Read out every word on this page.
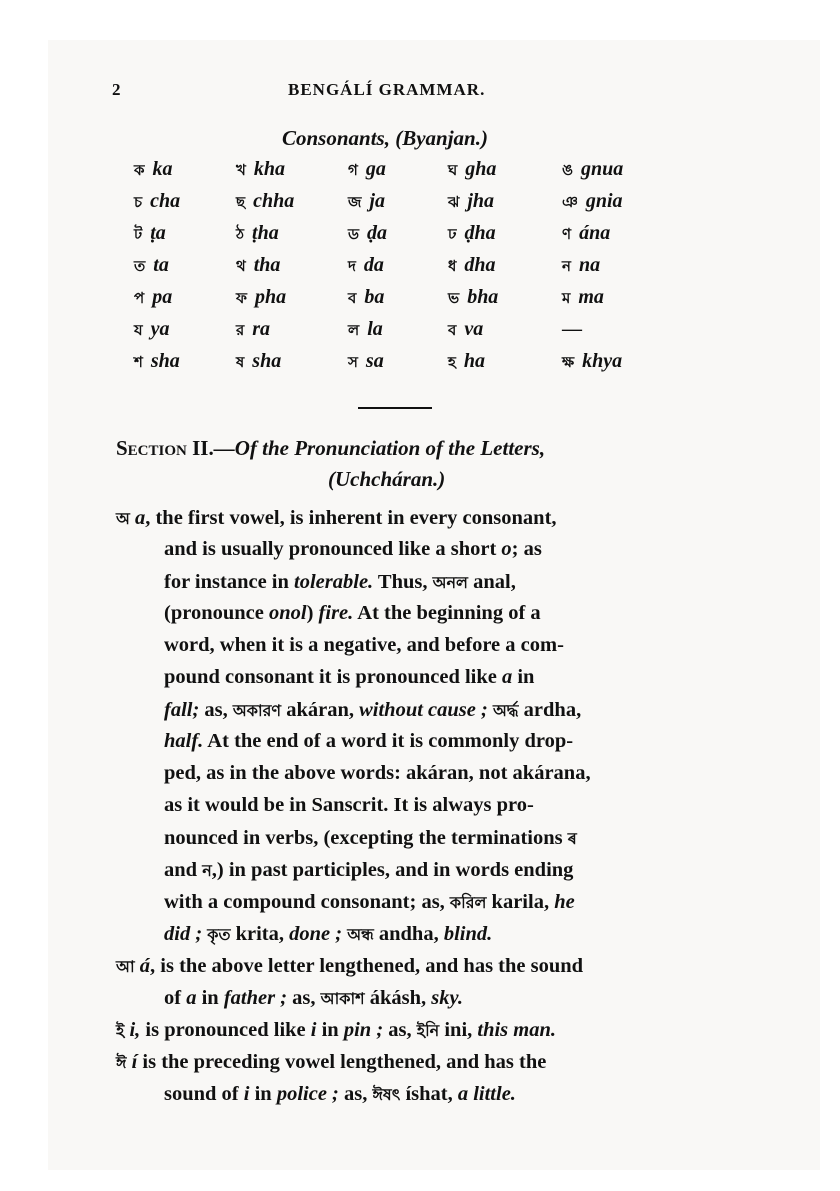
2	BENGÁLÍ GRAMMAR.
Consonants, (Byanjan.)
ক ka	খ kha	গ ga	ঘ gha	ঙ gnua
চ cha	ছ chha	জ ja	ঝ jha	ঞ gnia
ট ṭa	ঠ ṭha	ড ḍa	ঢ ḍha	ণ ána
ত ta	থ tha	দ da	ধ dha	ন na
প pa	ফ pha	ব ba	ভ bha	ম ma
য ya	র ra	ল la	ব va	—
শ sha	ষ sha	স sa	হ ha	ক্ষ khya
Section II.—Of the Pronunciation of the Letters,
(Uchcháran.)
অ a, the first vowel, is inherent in every consonant,
and is usually pronounced like a short o; as
for instance in tolerable. Thus, অনল anal,
(pronounce onol) fire. At the beginning of a
word, when it is a negative, and before a com-
pound consonant it is pronounced like a in
fall; as, অকারণ akáran, without cause ; অৰ্দ্ধ ardha,
half. At the end of a word it is commonly drop-
ped, as in the above words: akáran, not akárana,
as it would be in Sanscrit. It is always pro-
nounced in verbs, (excepting the terminations ৰ
and ন,) in past participles, and in words ending
with a compound consonant; as, করিল karila, he
did ; কৃত krita, done ; অন্ধ andha, blind.
আ á, is the above letter lengthened, and has the sound
of a in father ; as, আকাশ ákásh, sky.
ই i, is pronounced like i in pin ; as, ইনি ini, this man.
ঈ í is the preceding vowel lengthened, and has the
sound of i in police ; as, ঈষৎ íshat, a little.
